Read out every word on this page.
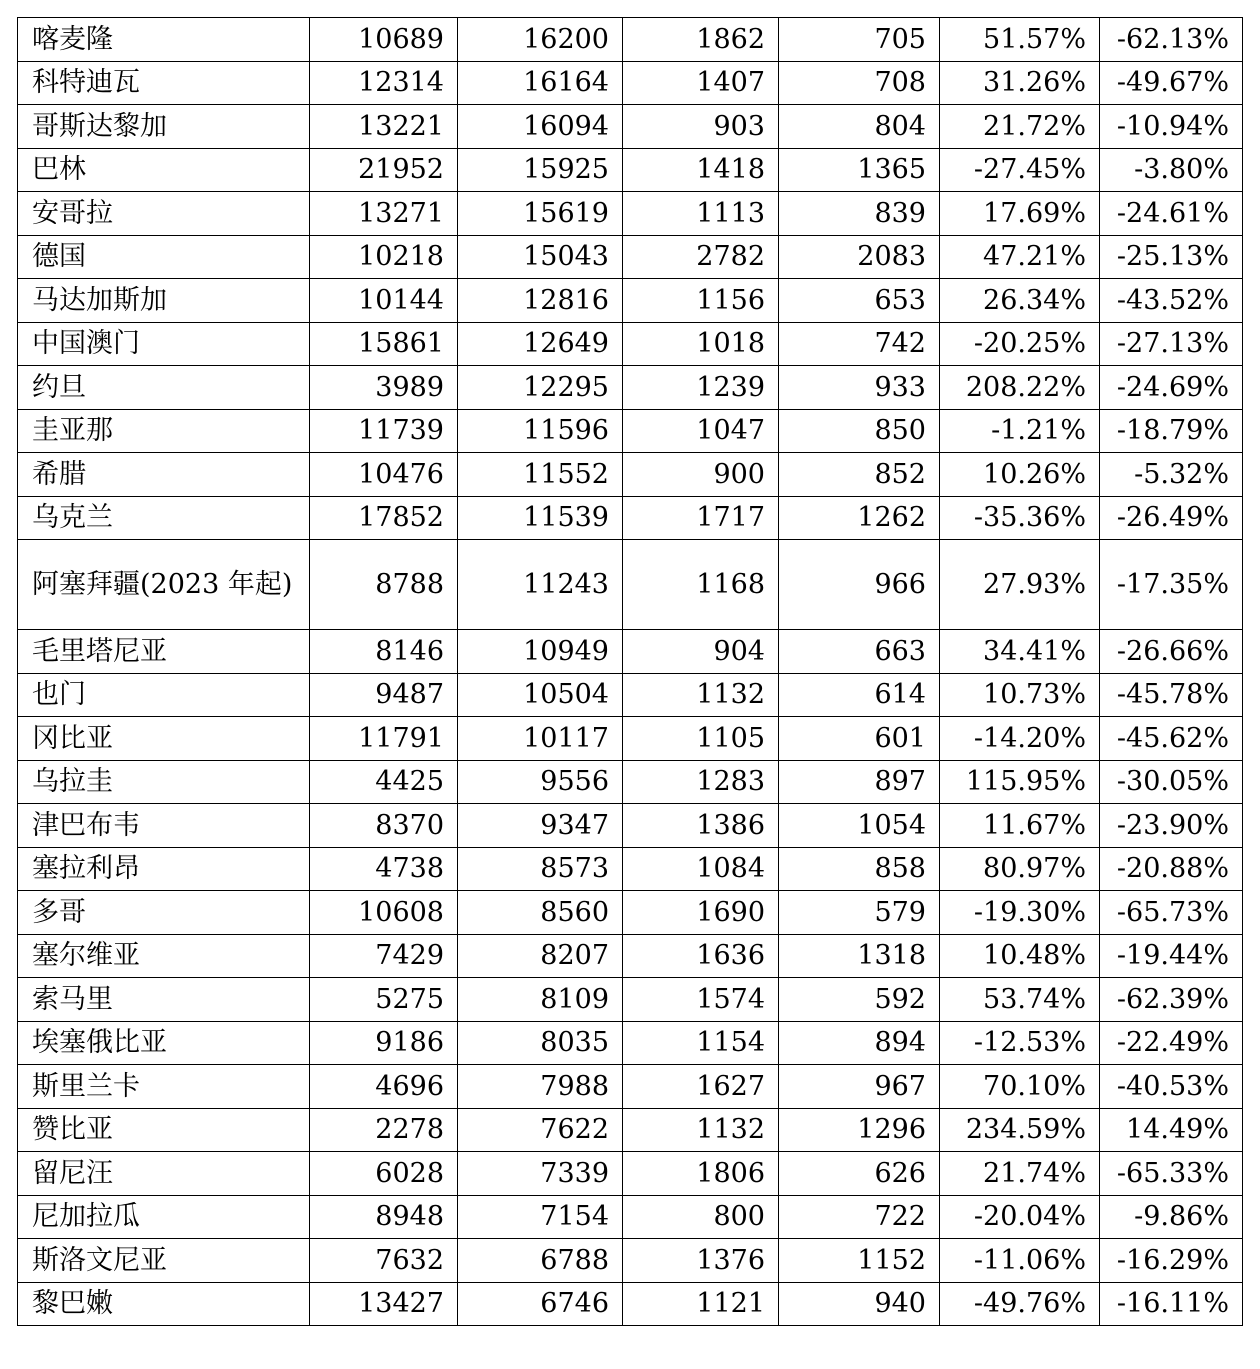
喀麦隆	10689	16200	1862	705	51.57%	-62.13%
科特迪瓦	12314	16164	1407	708	31.26%	-49.67%
哥斯达黎加	13221	16094	903	804	21.72%	-10.94%
巴林	21952	15925	1418	1365	-27.45%	-3.80%
安哥拉	13271	15619	1113	839	17.69%	-24.61%
德国	10218	15043	2782	2083	47.21%	-25.13%
马达加斯加	10144	12816	1156	653	26.34%	-43.52%
中国澳门	15861	12649	1018	742	-20.25%	-27.13%
约旦	3989	12295	1239	933	208.22%	-24.69%
圭亚那	11739	11596	1047	850	-1.21%	-18.79%
希腊	10476	11552	900	852	10.26%	-5.32%
乌克兰	17852	11539	1717	1262	-35.36%	-26.49%
阿塞拜疆(2023 年起)	8788	11243	1168	966	27.93%	-17.35%
毛里塔尼亚	8146	10949	904	663	34.41%	-26.66%
也门	9487	10504	1132	614	10.73%	-45.78%
冈比亚	11791	10117	1105	601	-14.20%	-45.62%
乌拉圭	4425	9556	1283	897	115.95%	-30.05%
津巴布韦	8370	9347	1386	1054	11.67%	-23.90%
塞拉利昂	4738	8573	1084	858	80.97%	-20.88%
多哥	10608	8560	1690	579	-19.30%	-65.73%
塞尔维亚	7429	8207	1636	1318	10.48%	-19.44%
索马里	5275	8109	1574	592	53.74%	-62.39%
埃塞俄比亚	9186	8035	1154	894	-12.53%	-22.49%
斯里兰卡	4696	7988	1627	967	70.10%	-40.53%
赞比亚	2278	7622	1132	1296	234.59%	14.49%
留尼汪	6028	7339	1806	626	21.74%	-65.33%
尼加拉瓜	8948	7154	800	722	-20.04%	-9.86%
斯洛文尼亚	7632	6788	1376	1152	-11.06%	-16.29%
黎巴嫩	13427	6746	1121	940	-49.76%	-16.11%
